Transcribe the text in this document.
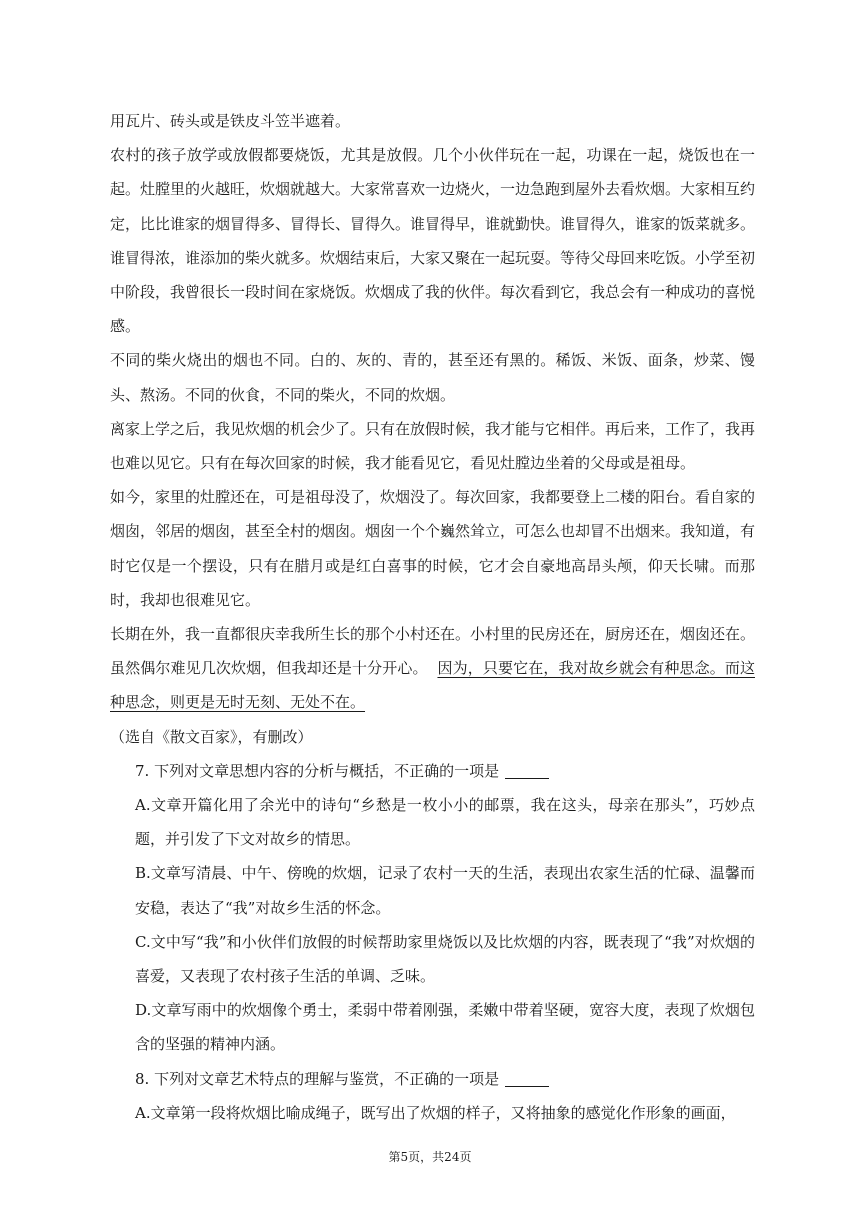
用瓦片、砖头或是铁皮斗笠半遮着。

农村的孩子放学或放假都要烧饭，尤其是放假。几个小伙伴玩在一起，功课在一起，烧饭也在一起。灶膛里的火越旺，炊烟就越大。大家常喜欢一边烧火，一边急跑到屋外去看炊烟。大家相互约定，比比谁家的烟冒得多、冒得长、冒得久。谁冒得早，谁就勤快。谁冒得久，谁家的饭菜就多。谁冒得浓，谁添加的柴火就多。炊烟结束后，大家又聚在一起玩耍。等待父母回来吃饭。小学至初中阶段，我曾很长一段时间在家烧饭。炊烟成了我的伙伴。每次看到它，我总会有一种成功的喜悦感。

不同的柴火烧出的烟也不同。白的、灰的、青的，甚至还有黑的。稀饭、米饭、面条，炒菜、馒头、熬汤。不同的伙食，不同的柴火，不同的炊烟。

离家上学之后，我见炊烟的机会少了。只有在放假时候，我才能与它相伴。再后来，工作了，我再也难以见它。只有在每次回家的时候，我才能看见它，看见灶膛边坐着的父母或是祖母。

如今，家里的灶膛还在，可是祖母没了，炊烟没了。每次回家，我都要登上二楼的阳台。看自家的烟囱，邻居的烟囱，甚至全村的烟囱。烟囱一个个巍然耸立，可怎么也却冒不出烟来。我知道，有时它仅是一个摆设，只有在腊月或是红白喜事的时候，它才会自豪地高昂头颅，仰天长啸。而那时，我却也很难见它。

长期在外，我一直都很庆幸我所生长的那个小村还在。小村里的民房还在，厨房还在，烟囱还在。虽然偶尔难见几次炊烟，但我却还是十分开心。 因为，只要它在，我对故乡就会有种思念。而这种思念，则更是无时无刻、无处不在。

（选自《散文百家》，有删改）

7. 下列对文章思想内容的分析与概括，不正确的一项是

A.文章开篇化用了余光中的诗句“乡愁是一枚小小的邮票，我在这头，母亲在那头”，巧妙点题，并引发了下文对故乡的情思。

B.文章写清晨、中午、傍晚的炊烟，记录了农村一天的生活，表现出农家生活的忙碌、温馨而安稳，表达了“我”对故乡生活的怀念。

C.文中写“我”和小伙伴们放假的时候帮助家里烧饭以及比炊烟的内容，既表现了“我”对炊烟的喜爱，又表现了农村孩子生活的单调、乏味。

D.文章写雨中的炊烟像个勇士，柔弱中带着刚强，柔嫩中带着坚硬，宽容大度，表现了炊烟包含的坚强的精神内涵。

8. 下列对文章艺术特点的理解与鉴赏，不正确的一项是

A.文章第一段将炊烟比喻成绳子，既写出了炊烟的样子，又将抽象的感觉化作形象的画面，

第5页，共24页
